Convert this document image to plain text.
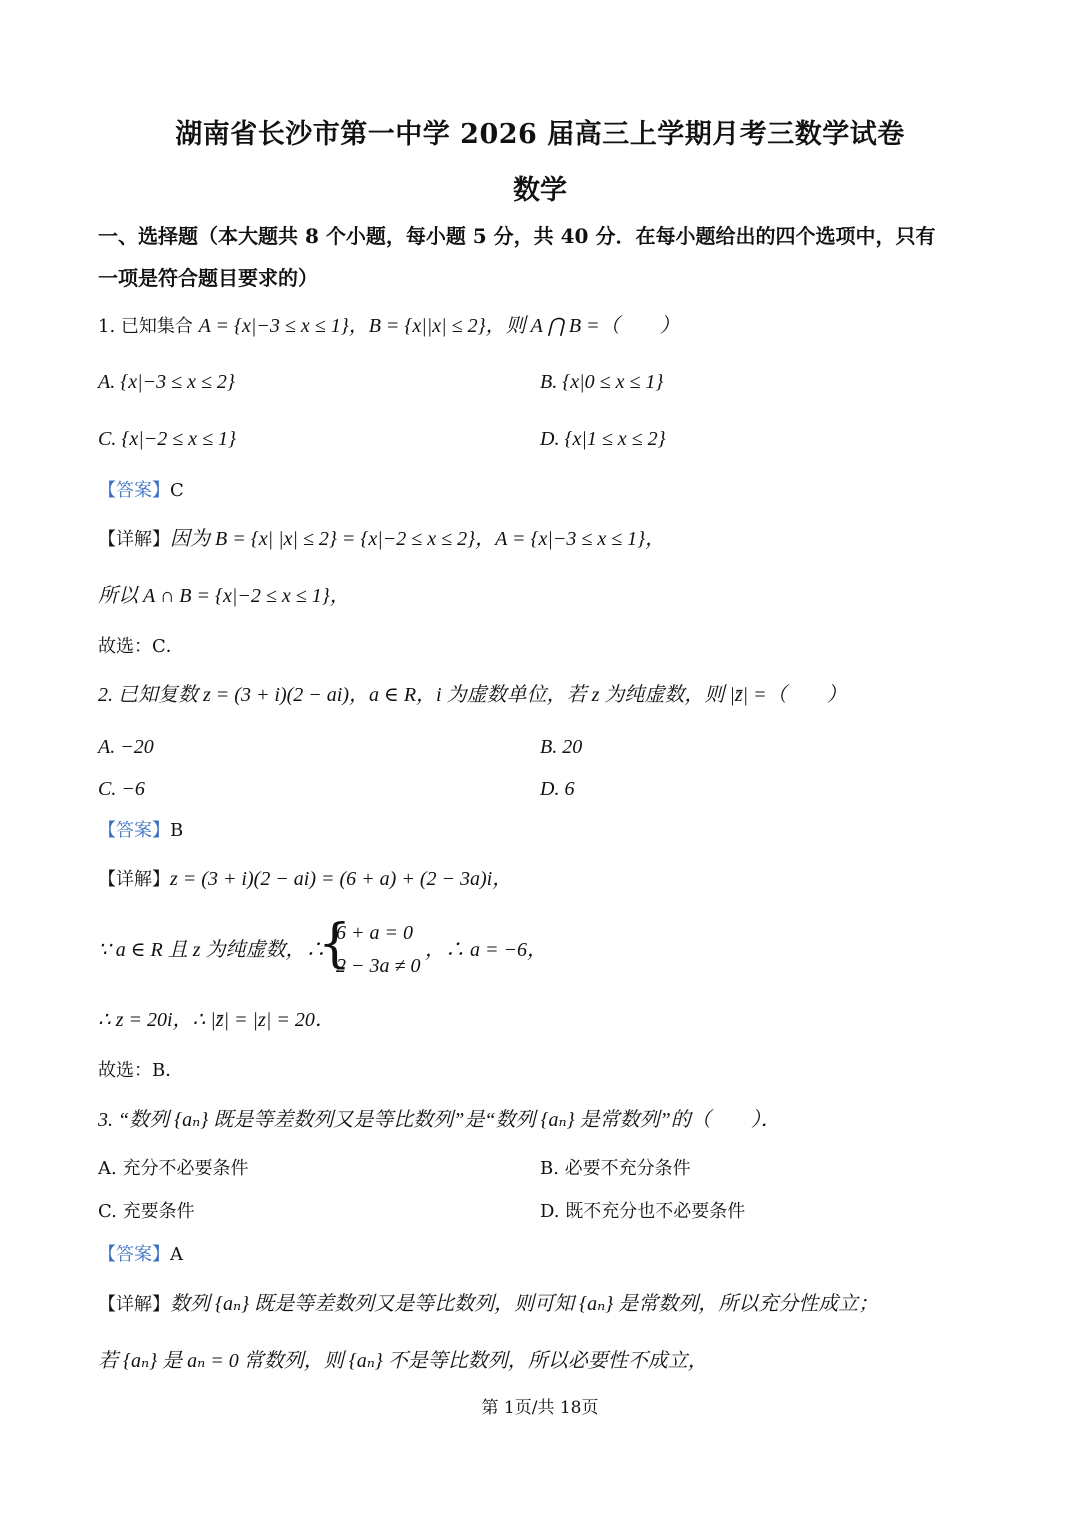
湖南省长沙市第一中学 2026 届高三上学期月考三数学试卷
数学
一、选择题（本大题共 8 个小题，每小题 5 分，共 40 分．在每小题给出的四个选项中，只有
一项是符合题目要求的）
1. 已知集合 A = {x|−3 ≤ x ≤ 1}，B = {x||x| ≤ 2}，则 A ⋂ B =（　　）
A. {x|−3 ≤ x ≤ 2}	B. {x|0 ≤ x ≤ 1}
C. {x|−2 ≤ x ≤ 1}	D. {x|1 ≤ x ≤ 2}
【答案】C
【详解】因为 B = {x| |x| ≤ 2} = {x|−2 ≤ x ≤ 2}，A = {x|−3 ≤ x ≤ 1}，
所以 A ∩ B = {x|−2 ≤ x ≤ 1}，
故选：C．
2. 已知复数 z = (3 + i)(2 − ai)，a ∈ R，i 为虚数单位，若 z 为纯虚数，则 |z̄| =（　　）
A. −20	B. 20
C. −6	D. 6
【答案】B
【详解】z = (3 + i)(2 − ai) = (6 + a) + (2 − 3a)i，
∵ a ∈ R 且 z 为纯虚数，∴
{
6 + a = 0
2 − 3a ≠ 0
，∴ a = −6，
∴ z = 20i，∴ |z̄| = |z| = 20．
故选：B．
3. “数列 {aₙ} 既是等差数列又是等比数列”是“数列 {aₙ} 是常数列”的（　　）．
A. 充分不必要条件	B. 必要不充分条件
C. 充要条件	D. 既不充分也不必要条件
【答案】A
【详解】数列 {aₙ} 既是等差数列又是等比数列，则可知 {aₙ} 是常数列，所以充分性成立；
若 {aₙ} 是 aₙ = 0 常数列，则 {aₙ} 不是等比数列，所以必要性不成立，
第 1页/共 18页
